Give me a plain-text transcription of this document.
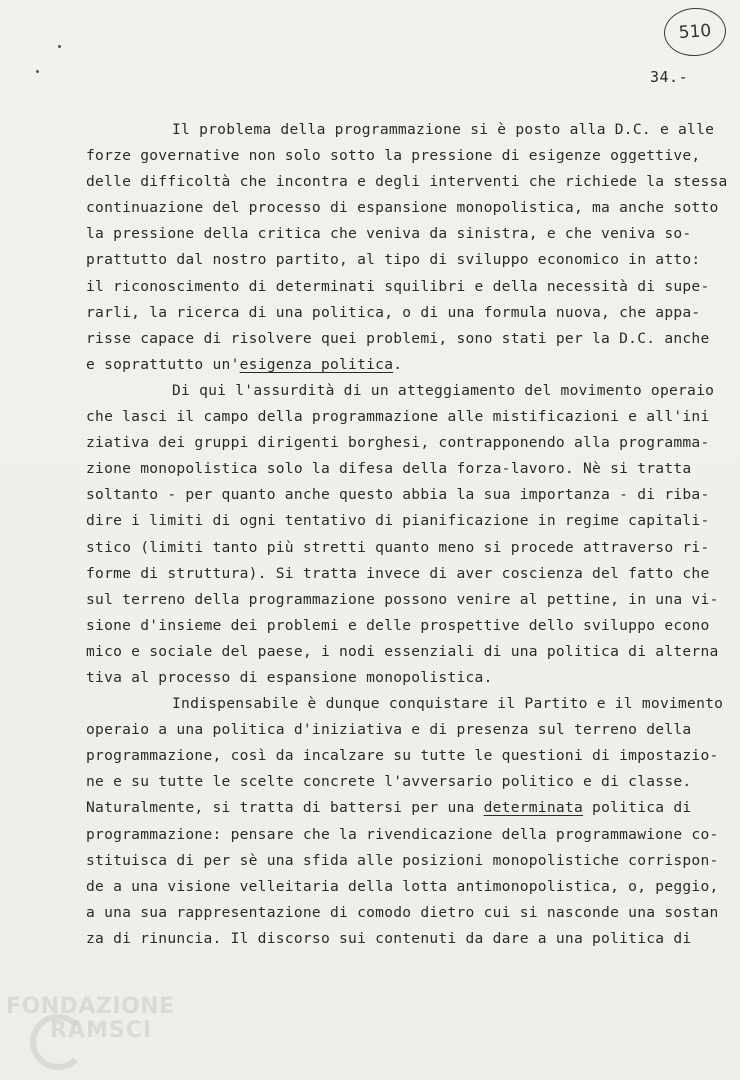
510
34.-
Il problema della programmazione si è posto alla D.C. e alle
forze governative non solo sotto la pressione di esigenze oggettive,
delle difficoltà che incontra e degli interventi che richiede la stessa
continuazione del processo di espansione monopolistica, ma anche sotto
la pressione della critica che veniva da sinistra, e che veniva so-
prattutto dal nostro partito, al tipo di sviluppo economico in atto:
il riconoscimento di determinati squilibri e della necessità di supe-
rarli, la ricerca di una politica, o di una formula nuova, che appa-
risse capace di risolvere quei problemi, sono stati per la D.C. anche
e soprattutto un'esigenza politica.
Di qui l'assurdità di un atteggiamento del movimento operaio
che lasci il campo della programmazione alle mistificazioni e all'ini
ziativa dei gruppi dirigenti borghesi, contrapponendo alla programma-
zione monopolistica solo la difesa della forza-lavoro. Nè si tratta
soltanto - per quanto anche questo abbia la sua importanza - di riba-
dire i limiti di ogni tentativo di pianificazione in regime capitali-
stico (limiti tanto più stretti quanto meno si procede attraverso ri-
forme di struttura). Si tratta invece di aver coscienza del fatto che
sul terreno della programmazione possono venire al pettine, in una vi-
sione d'insieme dei problemi e delle prospettive dello sviluppo econo
mico e sociale del paese, i nodi essenziali di una politica di alterna
tiva al processo di espansione monopolistica.
Indispensabile è dunque conquistare il Partito e il movimento
operaio a una politica d'iniziativa e di presenza sul terreno della
programmazione, così da incalzare su tutte le questioni di impostazio-
ne e su tutte le scelte concrete l'avversario politico e di classe.
Naturalmente, si tratta di battersi per una determinata politica di
programmazione: pensare che la rivendicazione della programmawione co-
stituisca di per sè una sfida alle posizioni monopolistiche corrispon-
de a una visione velleitaria della lotta antimonopolistica, o, peggio,
a una sua rappresentazione di comodo dietro cui si nasconde una sostan
za di rinuncia. Il discorso sui contenuti da dare a una politica di
FONDAZIONE
RAMSCI
